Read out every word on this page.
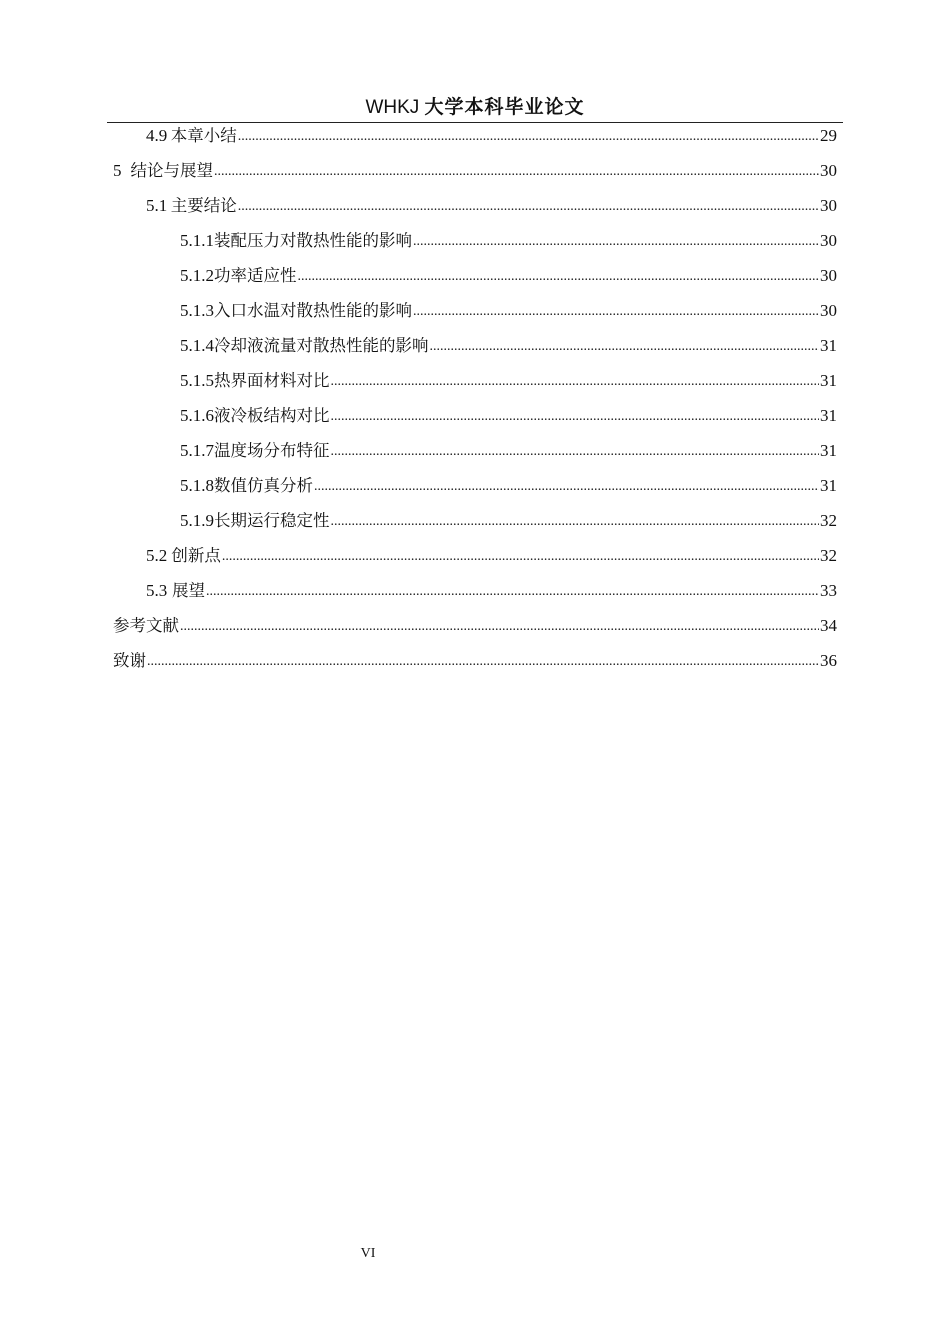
WHKJ 大学本科毕业论文
4.9 本章小结 .....	29
5 结论与展望 .....	30
5.1 主要结论 .....	30
5.1.1 装配压力对散热性能的影响 .....	30
5.1.2 功率适应性 .....	30
5.1.3 入口水温对散热性能的影响 .....	30
5.1.4 冷却液流量对散热性能的影响 .....	31
5.1.5 热界面材料对比 .....	31
5.1.6 液冷板结构对比 .....	31
5.1.7 温度场分布特征 .....	31
5.1.8 数值仿真分析 .....	31
5.1.9 长期运行稳定性 .....	32
5.2 创新点 .....	32
5.3 展望 .....	33
参考文献 .....	34
致谢 .....	36
VI
